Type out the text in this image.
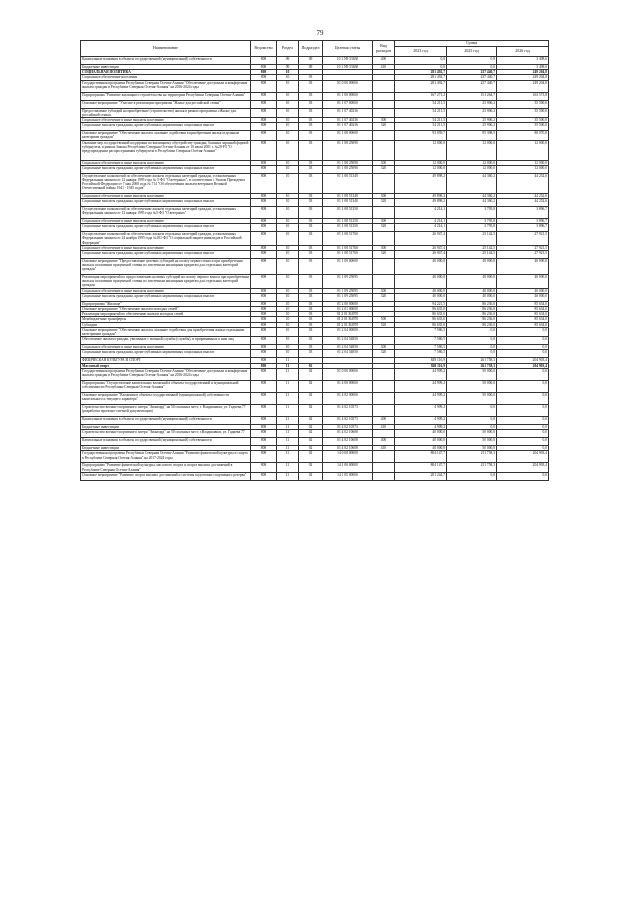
79
Наименование	Ведомство	Раздел	Подраздел	Целевая статья	Вид расходов	Сумма		
						2023 год	2025 год	2026 год
Капитальные вложения в объекты государственной (муниципальной) собственности	808	09	09	10 1 N9 53650	400	0,0	0,9	3 498,6
Бюджетные инвестиции	808	09	09	10 1 N9 53650	410	0,0	0,0	3 498,6
СОЦИАЛЬНАЯ ПОЛИТИКА	808	10				281 492,7	237 440,7	249 204,8
Социальное обеспечение населения	808	10	03			281 492,7	237 440,7	249 204,8
Государственная программа Республики Северная Осетия-Алания "Обеспечение доступным и комфортным жильем граждан в Республике Северная Осетия-Алания" на 2016-2024 годы	808	10	03	01 0 00 00000		281 492,7	237 440,7	249 204,8
Подпрограмма "Развитие жилищного строительства на территории Республики Северная Осетия-Алания"	808	10	03	01 1 00 00000		167 271,2	151 264,7	163 573,8
Основное мероприятие "Участие в реализации программы "Жилье для российской семьи"	808	10	03	01 1 07 00000		54 211,5	25 906,2	35 500,0
Предоставление субсидий на приобретение (строительство) жилья в рамках программы «Жилье для российской семьи»	808	10	03	01 1 07 40236		54 211,5	25 906,2	35 500,0
Социальное обеспечение и иные выплаты населению	808	10	03	01 1 07 40236	300	54 211,5	25 906,2	35 500,0
Социальные выплаты гражданам, кроме публичных нормативных социальных выплат	808	10	03	01 1 07 40236	320	54 211,5	25 906,2	35 500,0
Основное мероприятие "Обеспечение жильем, оказание содействия в приобретении жилья отдельным категориям граждан"	808	10	03	01 1 08 00000		93 059,7	85 398,5	88 070,8
Оказание мер государственной поддержки по жилищному обустройству граждан, больных заразной формой туберкулеза, в рамках Закона Республики Северная Осетия-Алания от 10 июля 2001 г. №20-РЗ "О предупреждении распространения туберкулеза в Республике Северная Осетия-Алания"	808	10	03	01 1 08 25090		12 000,0	12 000,0	12 000,0
Социальное обеспечение и иные выплаты населению	808	10	03	01 1 08 25090	300	12 000,0	12 000,0	12 000,0
Социальные выплаты гражданам, кроме публичных нормативных социальных выплат	808	10	03	01 1 08 25090	320	12 000,0	12 000,0	12 000,0
Осуществление полномочий по обеспечению жильем отдельных категорий граждан, установленных Федеральным законом от 12 января 1995 года № 5-ФЗ "О ветеранах", в соответствии с Указом Президента Российской Федерации от 7 мая 2008 года № 714 "Об обеспечении жильем ветеранов Великой Отечественной войны 1941 - 1945 годов"	808	10	03	01 1 08 51340		49 898,2	44 360,2	44 252,6
Социальное обеспечение и иные выплаты населению	808	10	03	01 1 08 51340	300	49 898,2	44 360,2	44 252,6
Социальные выплаты гражданам, кроме публичных нормативных социальных выплат	808	10	03	01 1 08 51340	320	49 898,2	44 360,2	44 252,6
Осуществление полномочий по обеспечению жильем отдельных категорий граждан, установленных Федеральным законом от 12 января 1995 года №5-ФЗ "О ветеранах"	808	10	03	01 1 08 51350		4 214,1	3 795,8	3 896,7
Социальное обеспечение и иные выплаты населению	808	10	03	01 1 08 51350	300	4 214,1	3 795,8	3 896,7
Социальные выплаты гражданам, кроме публичных нормативных социальных выплат	808	10	03	01 1 08 51350	320	4 214,1	3 795,8	3 896,7
Осуществление полномочий по обеспечению жильем отдельных категорий граждан, установленных Федеральным законом от 24 ноября 1995 года №181-ФЗ "О социальной защите инвалидов в Российской Федерации"	808	10	03	01 1 08 51760		26 947,4	25 142,5	27 921,5
Социальное обеспечение и иные выплаты населению	808	10	03	01 1 08 51760	300	26 947,4	25 142,5	27 921,5
Социальные выплаты гражданам, кроме публичных нормативных социальных выплат	808	10	03	01 1 08 51760	320	26 947,4	25 142,5	27 921,5
Основное мероприятие "Предоставление целевых субсидий на оплату первого взноса при приобретении жилья и погашении процентной ставки по ипотечным жилищным кредитам для отдельных категорий граждан"	808	10	03	01 1 09 00000		40 000,0	40 000,0	40 000,0
Реализация мероприятий по предоставлению целевых субсидий на оплату первого взноса при приобретении жилья и погашении процентной ставки по ипотечным жилищным кредитам для отдельных категорий граждан	808	10	03	01 1 09 25095		40 000,0	40 000,0	40 000,0
Социальное обеспечение и иные выплаты населению	808	10	03	01 1 09 25095	300	40 000,0	40 000,0	40 000,0
Социальные выплаты гражданам, кроме публичных нормативных социальных выплат	808	10	03	01 1 09 25095	320	40 000,0	40 000,0	40 000,0
Подпрограмма "Жилище"	808	10	03	01 2 00 00000		94 221,5	86 236,0	85 634,0
Основное мероприятие "Обеспечение жильем молодых семей"	808	10	03	01 2 01 00000		86 635,0	86 236,0	85 634,0
Реализация мероприятий по обеспечению жильем молодых семей	808	10	03	01 2 01 R4970		86 635,0	86 236,0	85 634,0
Межбюджетные трансферты	808	10	03	01 2 01 R4970	500	86 635,0	86 236,0	85 634,0
Субсидии	808	10	03	01 2 01 R4970	520	86 635,0	86 236,0	85 634,0
Основное мероприятие "Обеспечение жильем, оказание содействия для приобретения жилья отдельными категориями граждан"	808	10	03	01 2 04 00000		7 586,5	0,0	0,0
Обеспечение жильем граждан, уволенных с военной службы (службы), и приравненных к ним лиц	808	10	03	01 2 04 54850		7 586,5	0,0	0,0
Социальное обеспечение и иные выплаты населению	808	10	03	01 2 04 54850	300	7 586,5	0,0	0,0
Социальные выплаты гражданам, кроме публичных нормативных социальных выплат	808	10	03	01 2 04 54850	320	7 586,5	0,0	0,0
ФИЗИЧЕСКАЯ КУЛЬТУРА И СПОРТ	808	11				849 116,9	261 758,3	204 903,4
Массовый спорт	808	11	02			849 116,9	261 758,3	204 903,4
Государственная программа Республики Северная Осетия-Алания "Обеспечение доступным и комфортным жильем граждан в Республике Северная Осетия-Алания" на 2016-2024 годы	808	11	02	01 0 00 00000		44 909,2	50 000,0	0,0
Подпрограмма "Осуществление капитальных вложений в объекты государственной и муниципальной собственности Республики Северная Осетия-Алания"	808	11	02	01 4 00 00000		44 909,2	50 000,0	0,0
Основное мероприятие "Вложения в объекты государственной (муниципальной) собственности капитального и текущего характера"	808	11	02	01 4 02 00000		44 909,2	50 000,0	0,0
Строительство военно-спортивного лагеря "Авангард" на 50 спальных мест, г. Владикавказ, ул. Гадиева,77 (разработка проектно-сметной документации)	808	11	02	01 4 02 10573		4 909,2	0,0	0,0
Капитальные вложения в объекты государственной (муниципальной) собственности	808	11	02	01 4 02 10573	400	4 909,2	0,0	0,0
Бюджетные инвестиции	808	11	02	01 4 02 10573	410	4 909,2	0,0	0,0
Строительство военно-спортивного лагеря "Авангард" на 50 спальных мест, г.Владикавказ, ул. Гадиева 77	808	11	02	01 4 02 10608		40 000,0	50 000,0	0,0
Капитальные вложения в объекты государственной (муниципальной) собственности	808	11	02	01 4 02 10608	400	40 000,0	50 000,0	0,0
Бюджетные инвестиции	808	11	02	01 4 02 10608	410	40 000,0	50 000,0	0,0
Государственная программа Республики Северная Осетия-Алания "Развитие физической культуры и спорта в Республике Северная Осетия-Алания" на 2017-2024 годы	808	11	02	14 0 00 00000		804 147,7	211 758,3	204 903,4
Подпрограмма "Развитие физической культуры, массового спорта и спорта высших достижений в Республике Северная Осетия-Алания"	808	11	02	14 1 00 00000		804 147,7	211 758,3	204 903,4
Основное мероприятие "Развитие спорта высших достижений и системы подготовки спортивного резерва"	808	11	02	14 1 05 00000		201 244,7	0,0	0,0
